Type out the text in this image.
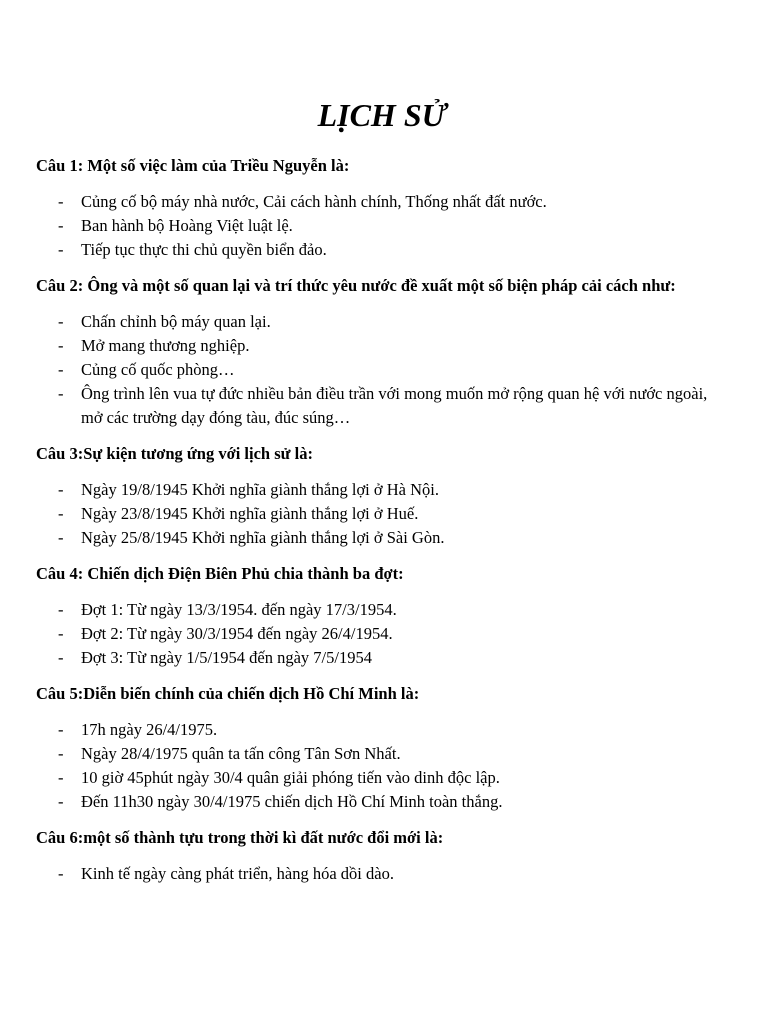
LỊCH SỬ

Câu 1: Một số việc làm của Triều Nguyễn là:

- Củng cố bộ máy nhà nước, Cải cách hành chính, Thống nhất đất nước.
- Ban hành bộ Hoàng Việt luật lệ.
- Tiếp tục thực thi chủ quyền biển đảo.

Câu 2: Ông và một số quan lại và trí thức yêu nước đề xuất một số biện pháp cải cách như:

- Chấn chỉnh bộ máy quan lại.
- Mở mang thương nghiệp.
- Củng cố quốc phòng…
- Ông trình lên vua tự đức nhiều bản điều trần với mong muốn mở rộng quan hệ với nước ngoài, mở các trường dạy đóng tàu, đúc súng…

Câu 3:Sự kiện tương ứng với lịch sử là:

- Ngày 19/8/1945 Khởi nghĩa giành thắng lợi ở Hà Nội.
- Ngày 23/8/1945 Khởi nghĩa giành thắng lợi ở Huế.
- Ngày 25/8/1945 Khởi nghĩa giành thắng lợi ở Sài Gòn.

Câu 4: Chiến dịch Điện Biên Phủ chia thành ba đợt:

- Đợt 1: Từ ngày 13/3/1954. đến ngày 17/3/1954.
- Đợt 2: Từ ngày 30/3/1954 đến ngày 26/4/1954.
- Đợt 3: Từ ngày 1/5/1954 đến ngày 7/5/1954

Câu 5:Diễn biến chính của chiến dịch Hồ Chí Minh là:

- 17h ngày 26/4/1975.
- Ngày 28/4/1975 quân ta tấn công Tân Sơn Nhất.
- 10 giờ 45phút ngày 30/4 quân giải phóng tiến vào dinh độc lập.
- Đến 11h30 ngày 30/4/1975 chiến dịch Hồ Chí Minh toàn thắng.

Câu 6:một số thành tựu trong thời kì đất nước đổi mới là:

- Kinh tế ngày càng phát triển, hàng hóa dồi dào.
